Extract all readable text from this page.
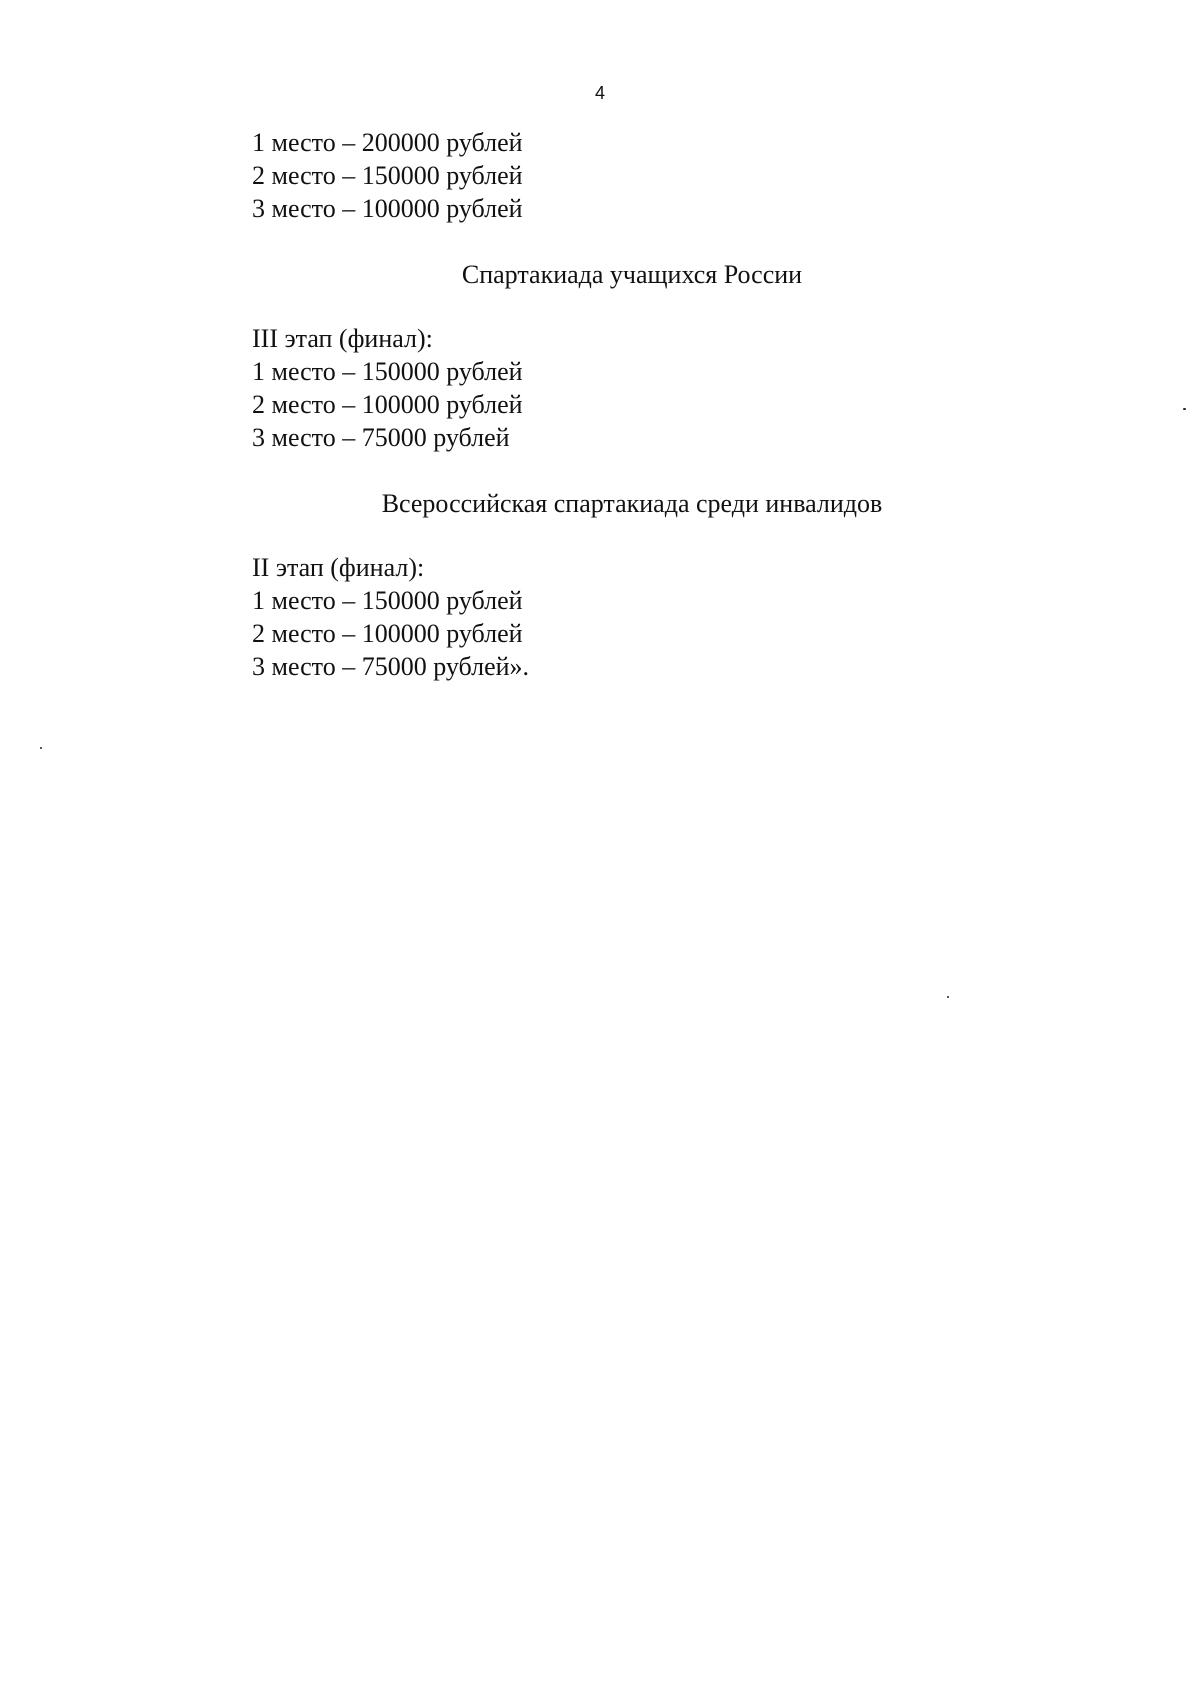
4
1 место – 200000 рублей
2 место – 150000 рублей
3 место – 100000 рублей
Спартакиада учащихся России
III этап (финал):
1 место – 150000 рублей
2 место – 100000 рублей
3 место – 75000 рублей
Всероссийская спартакиада среди инвалидов
II этап (финал):
1 место – 150000 рублей
2 место – 100000 рублей
3 место – 75000 рублей».
